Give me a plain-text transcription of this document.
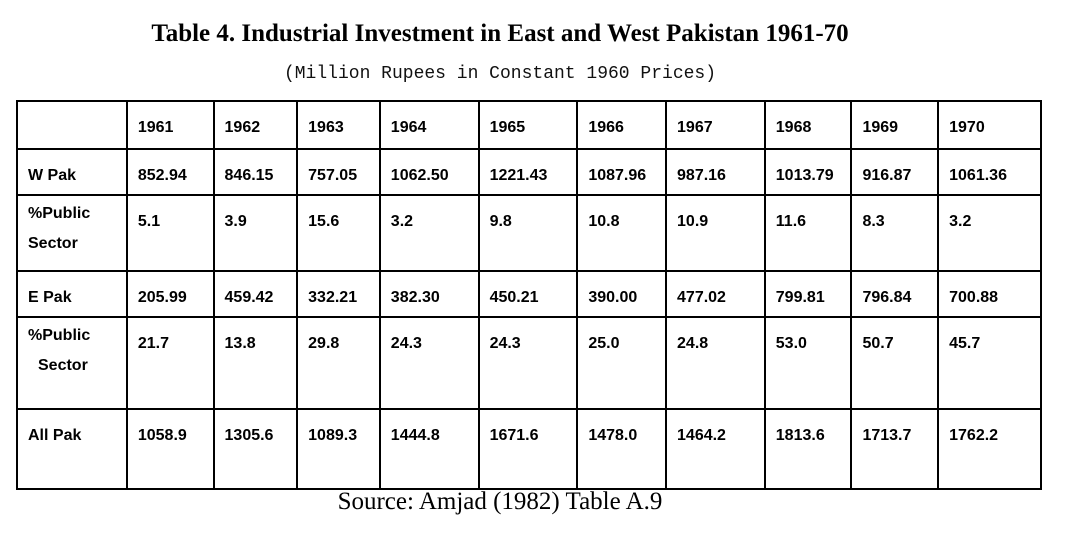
Table 4. Industrial Investment in East and West Pakistan 1961-70
(Million Rupees in Constant 1960 Prices)
	1961	1962	1963	1964	1965	1966	1967	1968	1969	1970
W Pak	852.94	846.15	757.05	1062.50	1221.43	1087.96	987.16	1013.79	916.87	1061.36

%Public
Sector	5.1	3.9	15.6	3.2	9.8	10.8	10.9	11.6	8.3	3.2
E Pak	205.99	459.42	332.21	382.30	450.21	390.00	477.02	799.81	796.84	700.88

%Public
Sector	21.7	13.8	29.8	24.3	24.3	25.0	24.8	53.0	50.7	45.7
All Pak	1058.9	1305.6	1089.3	1444.8	1671.6	1478.0	1464.2	1813.6	1713.7	1762.2
Source: Amjad (1982) Table A.9
